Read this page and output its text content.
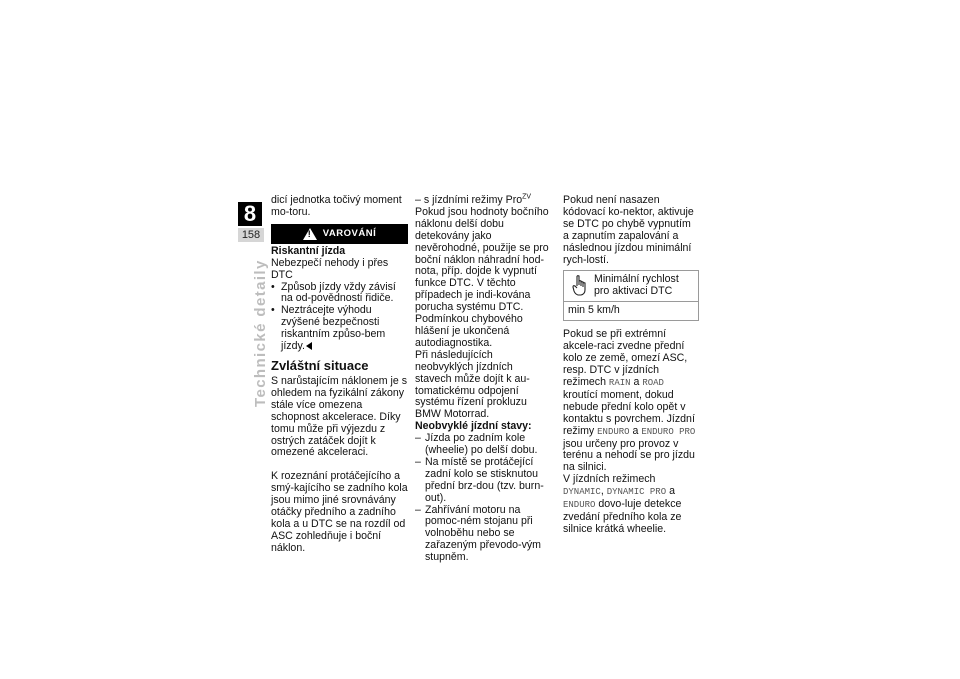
8
158
Technické detaily

dicí jednotka točivý moment mo-toru.

!
VAROVÁNÍ

Riskantní jízda

Nebezpečí nehody i přes DTC

• Způsob jízdy vždy závisí na od-povědnosti řidiče.
• Neztrácejte výhodu zvýšené bezpečnosti riskantním způso-bem jízdy.
Zvláštní situace

S narůstajícím náklonem je s ohledem na fyzikální zákony stále více omezena schopnost akcelerace. Díky tomu může při výjezdu z ostrých zatáček dojít k omezené akceleraci.

K rozeznání protáčejícího a smý-kajícího se zadního kola jsou mimo jiné srovnávány otáčky předního a zadního kola a u DTC se na rozdíl od ASC zohledňuje i boční náklon.

– s jízdními režimy Pro$^{ZV}$

Pokud jsou hodnoty bočního náklonu delší dobu detekovány jako nevěrohodné, použije se pro boční náklon náhradní hod-nota, příp. dojde k vypnutí funkce DTC. V těchto případech je indi-kována porucha systému DTC. Podmínkou chybového hlášení je ukončená autodiagnostika.

Při následujících neobvyklých jízdních stavech může dojít k au-tomatickému odpojení systému řízení prokluzu BMW Motorrad.

Neobvyklé jízdní stavy:

– Jízda po zadním kole (wheelie) po delší dobu.
– Na místě se protáčející zadní kolo se stisknutou přední brz-dou (tzv. burn-out).
– Zahřívání motoru na pomoc-ném stojanu při volnoběhu nebo se zařazeným převodo-vým stupněm.

Pokud není nasazen kódovací ko-nektor, aktivuje se DTC po chybě vypnutím a zapnutím zapalování a následnou jízdou minimální rych-lostí.

Minimální rychlost pro aktivaci DTC
min 5 km/h

Pokud se při extrémní akcele-raci zvedne přední kolo ze země, omezí ASC, resp. DTC v jízdních režimech RAIN a ROAD kroutící moment, dokud nebude přední kolo opět v kontaktu s povrchem. Jízdní režimy ENDURO a ENDURO PRO jsou určeny pro provoz v terénu a nehodí se pro jízdu na silnici.

V jízdních režimech DYNAMIC, DYNAMIC PRO a ENDURO dovo-luje detekce zvedání předního kola ze silnice krátká wheelie.
